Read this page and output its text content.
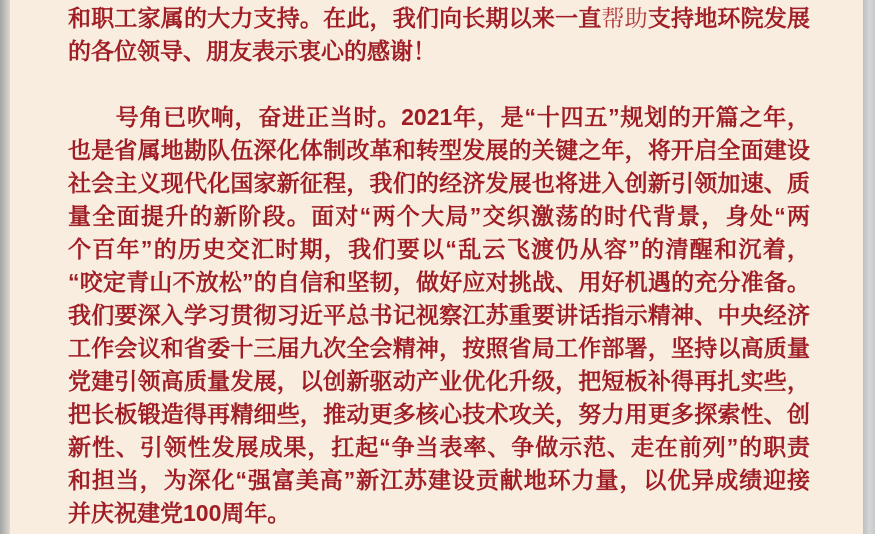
和职工家属的大力支持。在此，我们向长期以来一直帮助支持地环院发展
的各位领导、朋友表示衷心的感谢！
　　号角已吹响，奋进正当时。2021年，是“十四五”规划的开篇之年，
也是省属地勘队伍深化体制改革和转型发展的关键之年，将开启全面建设
社会主义现代化国家新征程，我们的经济发展也将进入创新引领加速、质
量全面提升的新阶段。面对“两个大局”交织激荡的时代背景，身处“两
个百年”的历史交汇时期，我们要以“乱云飞渡仍从容”的清醒和沉着，
“咬定青山不放松”的自信和坚韧，做好应对挑战、用好机遇的充分准备。
我们要深入学习贯彻习近平总书记视察江苏重要讲话指示精神、中央经济
工作会议和省委十三届九次全会精神，按照省局工作部署，坚持以高质量
党建引领高质量发展，以创新驱动产业优化升级，把短板补得再扎实些，
把长板锻造得再精细些，推动更多核心技术攻关，努力用更多探索性、创
新性、引领性发展成果，扛起“争当表率、争做示范、走在前列”的职责
和担当，为深化“强富美高”新江苏建设贡献地环力量，以优异成绩迎接
并庆祝建党100周年。
